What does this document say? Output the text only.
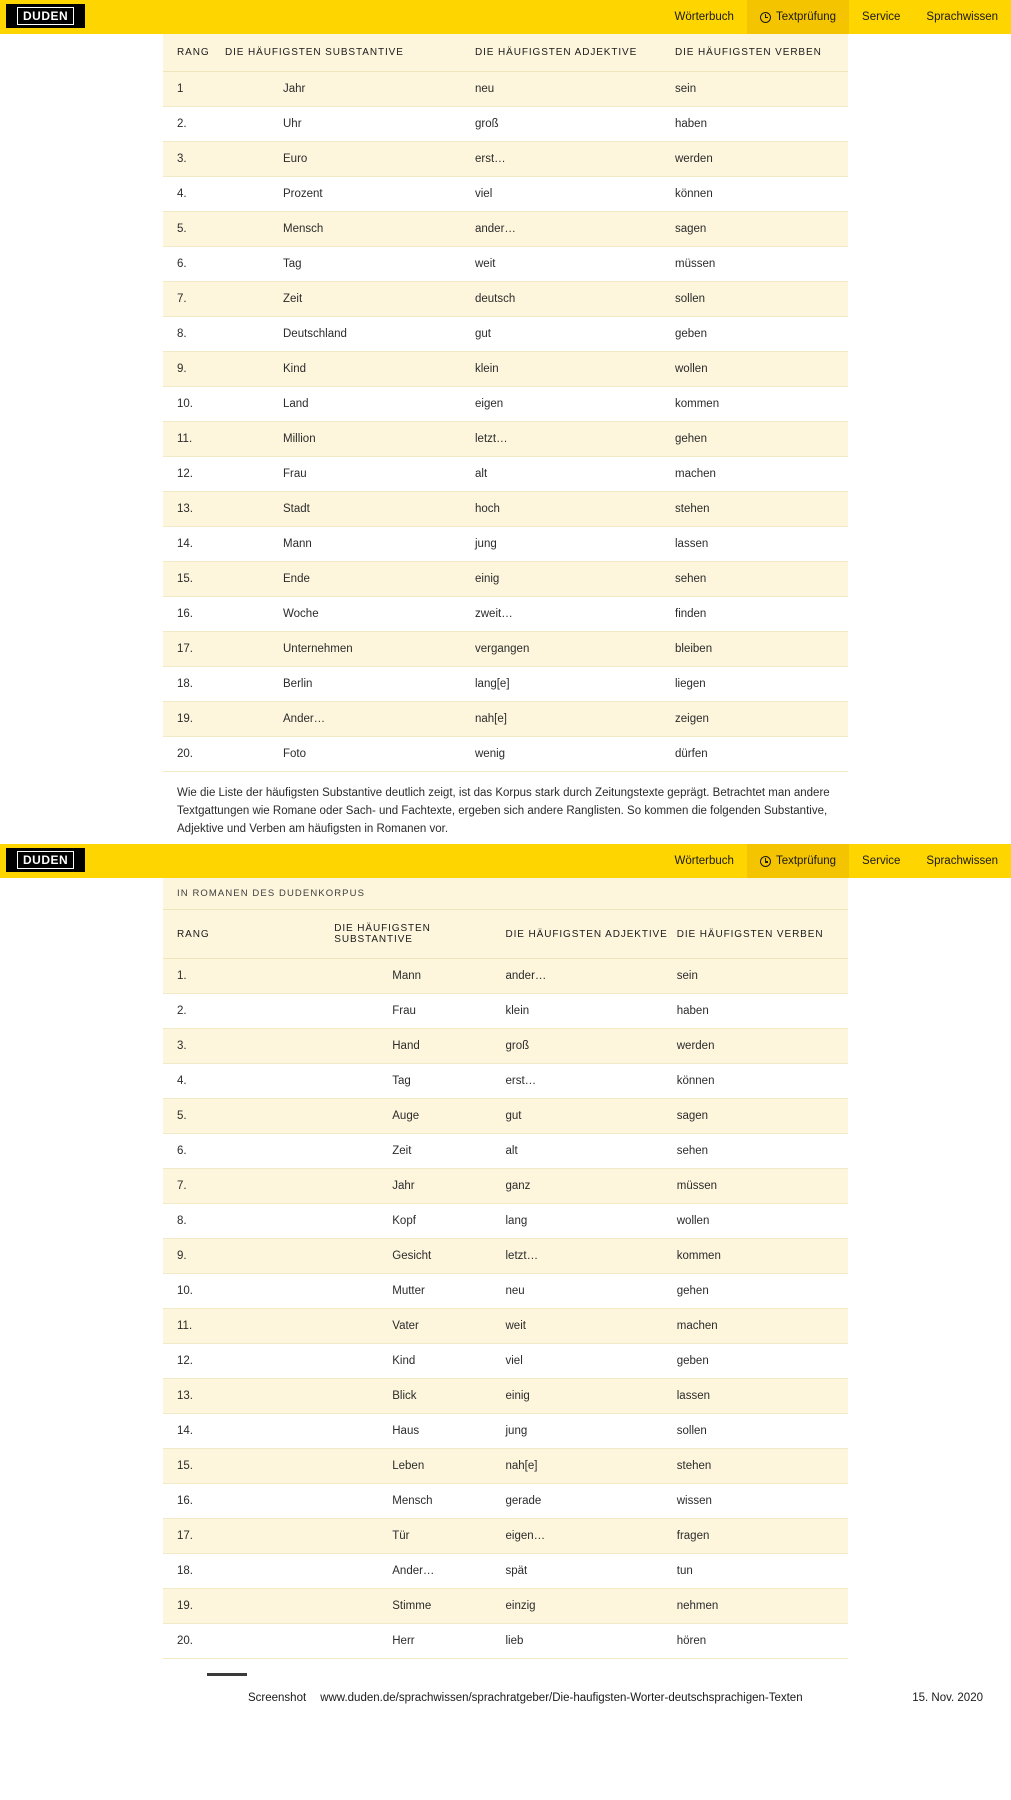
DUDEN	Wörterbuch	Textprüfung Service Sprachwissen
RANG	DIE HÄUFIGSTEN SUBSTANTIVE	DIE HÄUFIGSTEN ADJEKTIVE	DIE HÄUFIGSTEN VERBEN
1	Jahr	neu	sein
2.	Uhr	groß	haben
3.	Euro	erst…	werden
4.	Prozent	viel	können
5.	Mensch	ander…	sagen
6.	Tag	weit	müssen
7.	Zeit	deutsch	sollen
8.	Deutschland	gut	geben
9.	Kind	klein	wollen
10.	Land	eigen	kommen
11.	Million	letzt…	gehen
12.	Frau	alt	machen
13.	Stadt	hoch	stehen
14.	Mann	jung	lassen
15.	Ende	einig	sehen
16.	Woche	zweit…	finden
17.	Unternehmen	vergangen	bleiben
18.	Berlin	lang[e]	liegen
19.	Ander…	nah[e]	zeigen
20.	Foto	wenig	dürfen
Wie die Liste der häufigsten Substantive deutlich zeigt, ist das Korpus stark durch Zeitungstexte geprägt. Betrachtet man andere Textgattungen wie Romane oder Sach- und Fachtexte, ergeben sich andere Ranglisten. So kommen die folgenden Substantive, Adjektive und Verben am häufigsten in Romanen vor.
DUDEN	Wörterbuch	Textprüfung Service Sprachwissen
IN ROMANEN DES DUDENKORPUS			
RANG	DIE HÄUFIGSTEN SUBSTANTIVE	DIE HÄUFIGSTEN ADJEKTIVE	DIE HÄUFIGSTEN VERBEN
1.	Mann	ander…	sein
2.	Frau	klein	haben
3.	Hand	groß	werden
4.	Tag	erst…	können
5.	Auge	gut	sagen
6.	Zeit	alt	sehen
7.	Jahr	ganz	müssen
8.	Kopf	lang	wollen
9.	Gesicht	letzt…	kommen
10.	Mutter	neu	gehen
11.	Vater	weit	machen
12.	Kind	viel	geben
13.	Blick	einig	lassen
14.	Haus	jung	sollen
15.	Leben	nah[e]	stehen
16.	Mensch	gerade	wissen
17.	Tür	eigen…	fragen
18.	Ander…	spät	tun
19.	Stimme	einzig	nehmen
20.	Herr	lieb	hören
Screenshot www.duden.de/sprachwissen/sprachratgeber/Die-haufigsten-Worter-deutschsprachigen-Texten	15. Nov. 2020
